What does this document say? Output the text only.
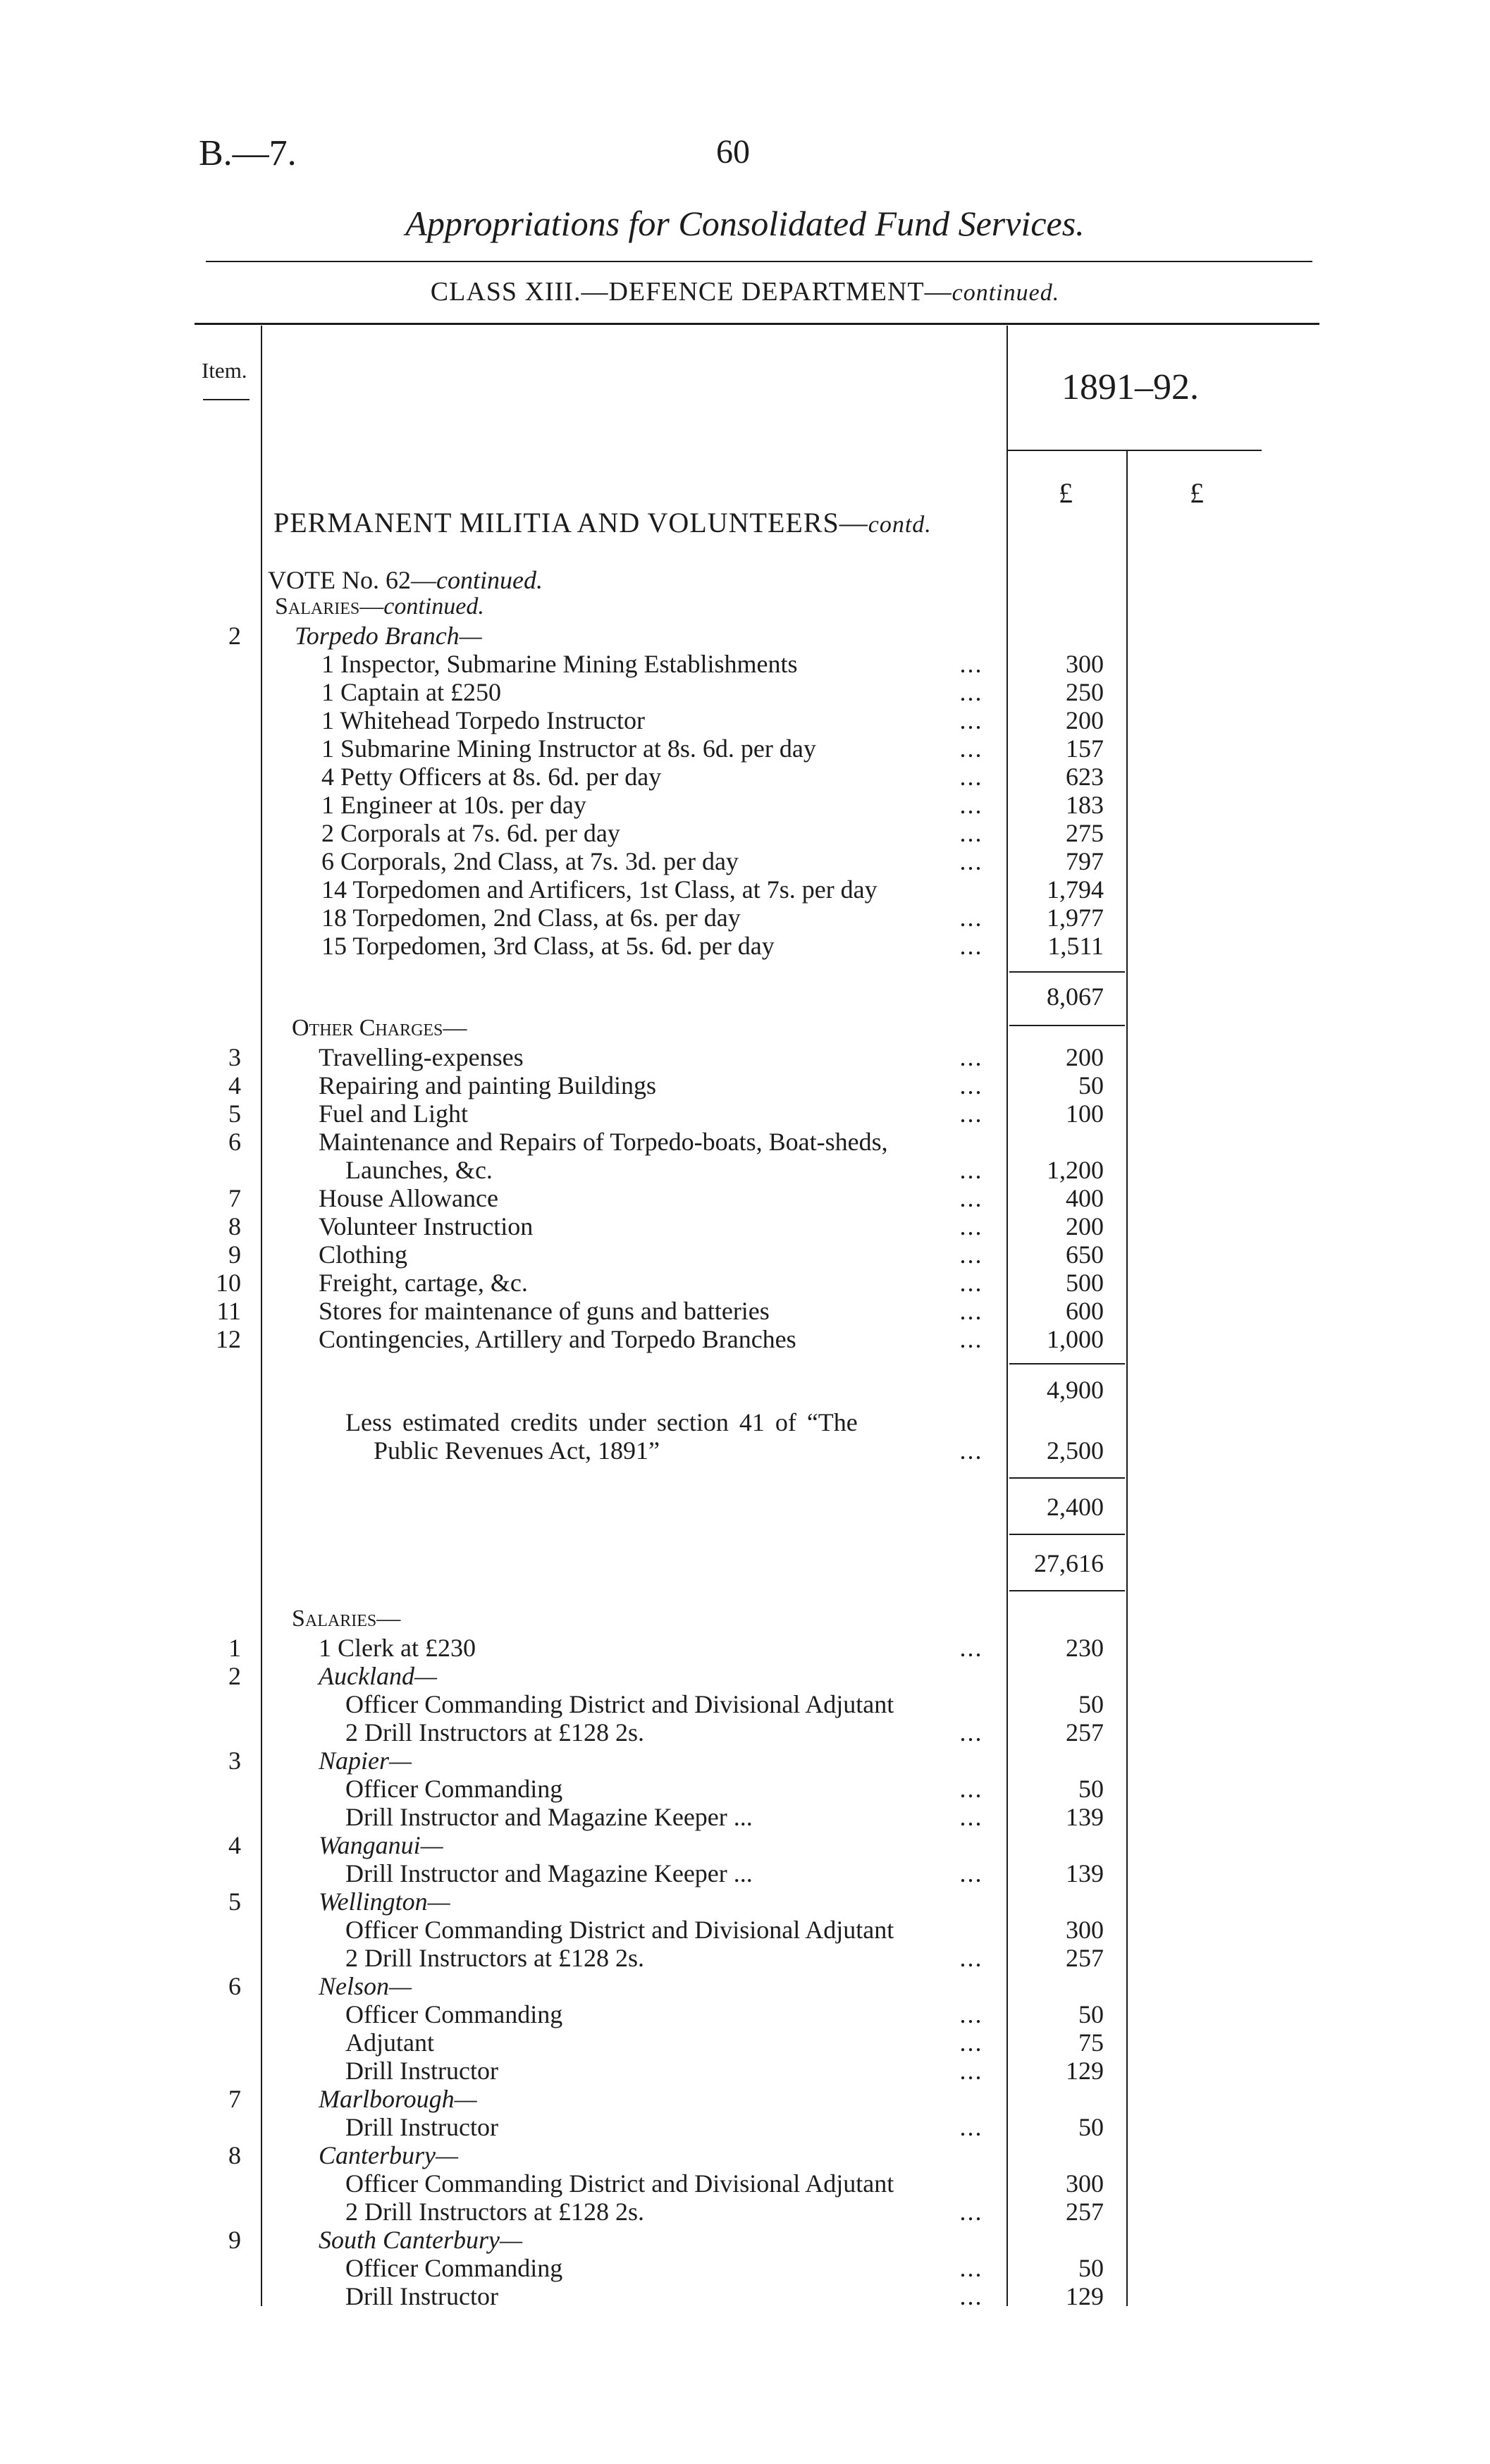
B.—7.	60
Appropriations for Consolidated Fund Services.
CLASS XIII.—DEFENCE DEPARTMENT—continued.
Item.	1891–92.
£	£
PERMANENT MILITIA AND VOLUNTEERS—contd.
VOTE No. 62—continued.
Salaries—continued.
2 Torpedo Branch—
1 Inspector, Submarine Mining Establishments	...	300
1 Captain at £250	...	250
1 Whitehead Torpedo Instructor	...	200
1 Submarine Mining Instructor at 8s. 6d. per day	...	157
4 Petty Officers at 8s. 6d. per day	...	623
1 Engineer at 10s. per day	...	183
2 Corporals at 7s. 6d. per day	...	275
6 Corporals, 2nd Class, at 7s. 3d. per day	...	797
14 Torpedomen and Artificers, 1st Class, at 7s. per day	1,794
18 Torpedomen, 2nd Class, at 6s. per day	...	1,977
15 Torpedomen, 3rd Class, at 5s. 6d. per day	...	1,511
8,067
Other Charges—
3	Travelling-expenses	...	200
4	Repairing and painting Buildings	...	50
5	Fuel and Light	...	100
6	Maintenance and Repairs of Torpedo-boats, Boat-sheds,
Launches, &c.	...	1,200
7	House Allowance	...	400
8	Volunteer Instruction	...	200
9	Clothing	...	650
10	Freight, cartage, &c.	...	500
11	Stores for maintenance of guns and batteries	...	600
12	Contingencies, Artillery and Torpedo Branches	...	1,000
4,900
Less estimated credits under section 41 of “The
Public Revenues Act, 1891”	...	2,500
2,400
27,616
Salaries—
1	1 Clerk at £230	...	230
2	Auckland—
Officer Commanding District and Divisional Adjutant	50
2 Drill Instructors at £128 2s.	...	257
3	Napier—
Officer Commanding	...	50
Drill Instructor and Magazine Keeper ...	...	139
4	Wanganui—
Drill Instructor and Magazine Keeper ...	...	139
5	Wellington—
Officer Commanding District and Divisional Adjutant	300
2 Drill Instructors at £128 2s.	...	257
6	Nelson—
Officer Commanding	...	50
Adjutant	...	75
Drill Instructor	...	129
7	Marlborough—
Drill Instructor	...	50
8	Canterbury—
Officer Commanding District and Divisional Adjutant	300
2 Drill Instructors at £128 2s.	...	257
9	South Canterbury—
Officer Commanding	...	50
Drill Instructor	...	129
